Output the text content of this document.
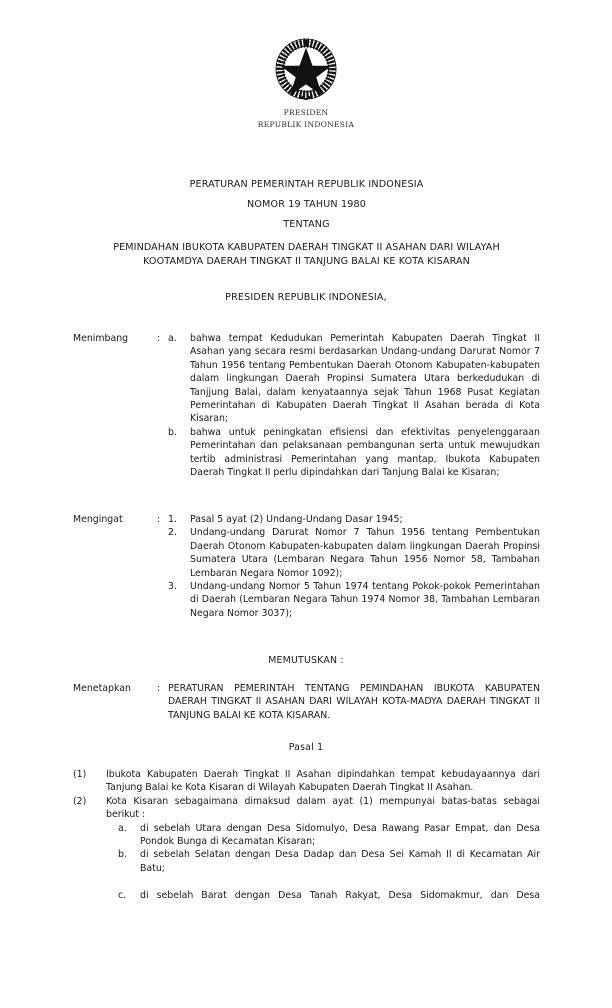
PRESIDEN
REPUBLIK INDONESIA
PERATURAN PEMERINTAH REPUBLIK INDONESIA
NOMOR 19 TAHUN 1980
TENTANG
PEMINDAHAN IBUKOTA KABUPATEN DAERAH TINGKAT II ASAHAN DARI WILAYAH
KOOTAMDYA DAERAH TINGKAT II TANJUNG BALAI KE KOTA KISARAN
PRESIDEN REPUBLIK INDONESIA,
Menimbang	: a.	bahwa tempat Kedudukan Pemerintah Kabupaten Daerah Tingkat II Asahan yang secara resmi berdasarkan Undang-undang Darurat Nomor 7 Tahun 1956 tentang Pembentukan Daerah Otonom Kabupaten-kabupaten dalam lingkungan Daerah Propinsi Sumatera Utara berkedudukan di Tanjjung Balai, dalam kenyataannya sejak Tahun 1968 Pusat Kegiatan Pemerintahan di Kabupaten Daerah Tingkat II Asahan berada di Kota Kisaran;
b.	bahwa untuk peningkatan efisiensi dan efektivitas penyelenggaraan Pemerintahan dan pelaksanaan pembangunan serta untuk mewujudkan tertib administrasi Pemerintahan yang mantap, Ibukota Kabupaten Daerah Tingkat II perlu dipindahkan dari Tanjung Balai ke Kisaran;
Mengingat	: 1.	Pasal 5 ayat (2) Undang-Undang Dasar 1945;
2.	Undang-undang Darurat Nomor 7 Tahun 1956 tentang Pembentukan Daerah Otonom Kabupaten-kabupaten dalam lingkungan Daerah Propinsi Sumatera Utara (Lembaran Negara Tahun 1956 Nomor 58, Tambahan Lembaran Negara Nomor 1092);
3.	Undang-undang Nomor 5 Tahun 1974 tentang Pokok-pokok Pemerintahan di Daerah (Lembaran Negara Tahun 1974 Nomor 38, Tambahan Lembaran Negara Nomor 3037);
MEMUTUSKAN :
Menetapkan	: PERATURAN PEMERINTAH TENTANG PEMINDAHAN IBUKOTA KABUPATEN DAERAH TINGKAT II ASAHAN DARI WILAYAH KOTA-MADYA DAERAH TINGKAT II TANJUNG BALAI KE KOTA KISARAN.
Pasal 1
(1)	Ibukota Kabupaten Daerah Tingkat II Asahan dipindahkan tempat kebudayaannya dari Tanjung Balai ke Kota Kisaran di Wilayah Kabupaten Daerah Tingkat II Asahan.
(2)	Kota Kisaran sebagaimana dimaksud dalam ayat (1) mempunyai batas-batas sebagai berikut :
a.	di sebelah Utara dengan Desa Sidomulyo, Desa Rawang Pasar Empat, dan Desa Pondok Bunga di Kecamatan Kisaran;
b.	di sebelah Selatan dengan Desa Dadap dan Desa Sei Kamah II di Kecamatan Air Batu;
c.	di sebelah Barat dengan Desa Tanah Rakyat, Desa Sidomakmur, dan Desa
